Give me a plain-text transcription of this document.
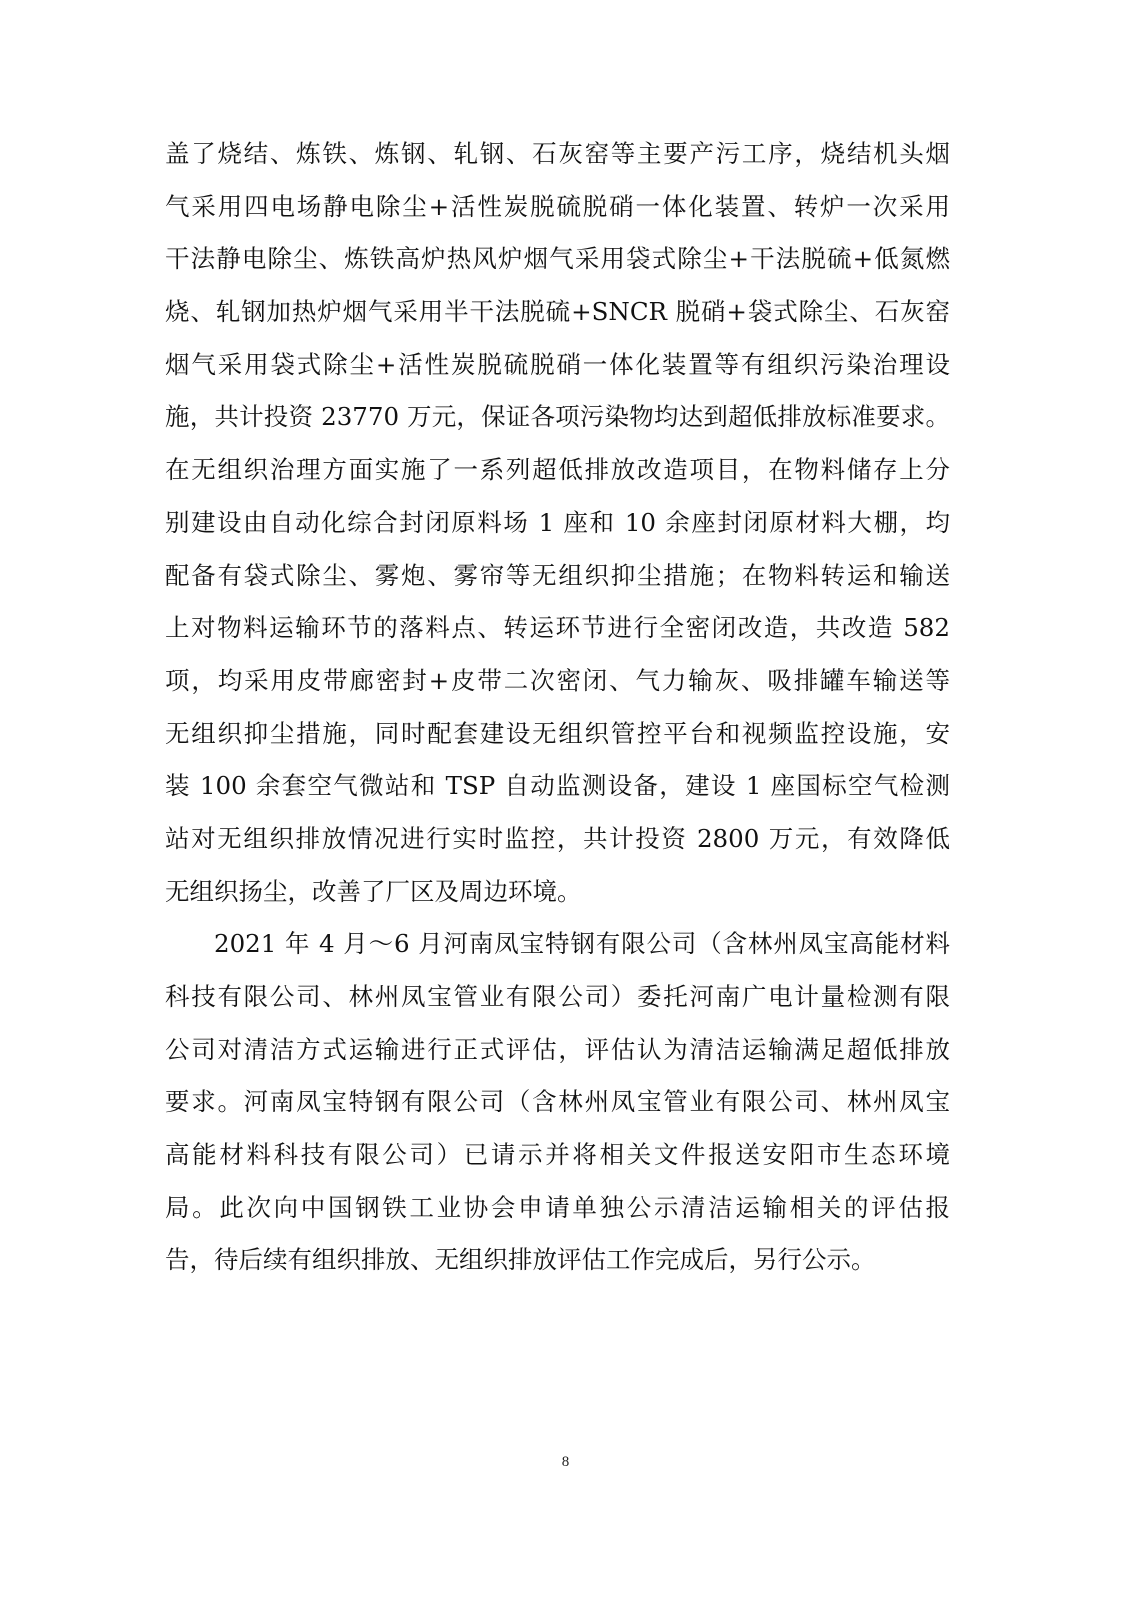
盖了烧结、炼铁、炼钢、轧钢、石灰窑等主要产污工序，烧结机头烟
气采用四电场静电除尘+活性炭脱硫脱硝一体化装置、转炉一次采用
干法静电除尘、炼铁高炉热风炉烟气采用袋式除尘+干法脱硫+低氮燃
烧、轧钢加热炉烟气采用半干法脱硫+SNCR 脱硝+袋式除尘、石灰窑
烟气采用袋式除尘+活性炭脱硫脱硝一体化装置等有组织污染治理设
施，共计投资 23770 万元，保证各项污染物均达到超低排放标准要求。
在无组织治理方面实施了一系列超低排放改造项目，在物料储存上分
别建设由自动化综合封闭原料场 1 座和 10 余座封闭原材料大棚，均
配备有袋式除尘、雾炮、雾帘等无组织抑尘措施；在物料转运和输送
上对物料运输环节的落料点、转运环节进行全密闭改造，共改造 582
项，均采用皮带廊密封+皮带二次密闭、气力输灰、吸排罐车输送等
无组织抑尘措施，同时配套建设无组织管控平台和视频监控设施，安
装 100 余套空气微站和 TSP 自动监测设备，建设 1 座国标空气检测
站对无组织排放情况进行实时监控，共计投资 2800 万元，有效降低
无组织扬尘，改善了厂区及周边环境。
2021 年 4 月～6 月河南凤宝特钢有限公司（含林州凤宝高能材料
科技有限公司、林州凤宝管业有限公司）委托河南广电计量检测有限
公司对清洁方式运输进行正式评估，评估认为清洁运输满足超低排放
要求。河南凤宝特钢有限公司（含林州凤宝管业有限公司、林州凤宝
高能材料科技有限公司）已请示并将相关文件报送安阳市生态环境
局。此次向中国钢铁工业协会申请单独公示清洁运输相关的评估报
告，待后续有组织排放、无组织排放评估工作完成后，另行公示。
8
